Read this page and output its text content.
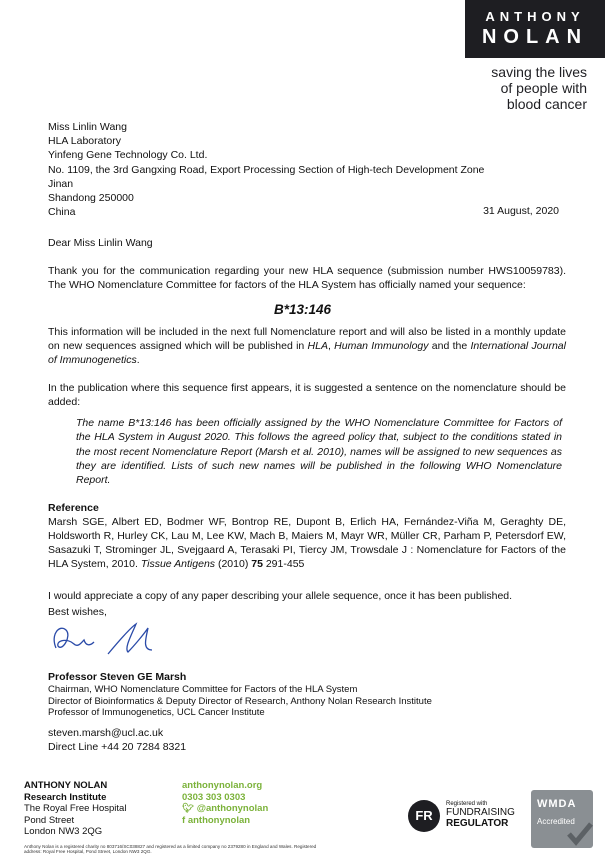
ANTHONY
NOLAN
saving the lives
of people with
blood cancer
Miss Linlin Wang
HLA Laboratory
Yinfeng Gene Technology Co. Ltd.
No. 1109, the 3rd Gangxing Road, Export Processing Section of High-tech Development Zone
Jinan
Shandong 250000
China	31 August, 2020
Dear Miss Linlin Wang
Thank you for the communication regarding your new HLA sequence (submission number HWS10059783). The WHO Nomenclature Committee for factors of the HLA System has officially named your sequence:
B*13:146
This information will be included in the next full Nomenclature report and will also be listed in a monthly update on new sequences assigned which will be published in HLA, Human Immunology and the International Journal of Immunogenetics.
In the publication where this sequence first appears, it is suggested a sentence on the nomenclature should be added:
The name B*13:146 has been officially assigned by the WHO Nomenclature Committee for Factors of the HLA System in August 2020. This follows the agreed policy that, subject to the conditions stated in the most recent Nomenclature Report (Marsh et al. 2010), names will be assigned to new sequences as they are identified. Lists of such new names will be published in the following WHO Nomenclature Report.
Reference
Marsh SGE, Albert ED, Bodmer WF, Bontrop RE, Dupont B, Erlich HA, Fernández-Viña M, Geraghty DE, Holdsworth R, Hurley CK, Lau M, Lee KW, Mach B, Maiers M, Mayr WR, Müller CR, Parham P, Petersdorf EW, Sasazuki T, Strominger JL, Svejgaard A, Terasaki PI, Tiercy JM, Trowsdale J : Nomenclature for Factors of the HLA System, 2010. Tissue Antigens (2010) 75 291-455
I would appreciate a copy of any paper describing your allele sequence, once it has been published.
Best wishes,
Professor Steven GE Marsh
Chairman, WHO Nomenclature Committee for Factors of the HLA System
Director of Bioinformatics & Deputy Director of Research, Anthony Nolan Research Institute
Professor of Immunogenetics, UCL Cancer Institute
steven.marsh@ucl.ac.uk
Direct Line +44 20 7284 8321
ANTHONY NOLAN
Research Institute
The Royal Free Hospital
Pond Street
London NW3 2QG
anthonynolan.org
0303 303 0303
🐦︎ @anthonynolan
f anthonynolan
Anthony Nolan is a registered charity no 803716/SC038827 and registered as a limited company no 2379280 in England and Wales. Registered address: Royal Free Hospital, Pond Street, London NW3 2QG.
FR
Registered with
FUNDRAISING
REGULATOR
WMDA
Accredited
